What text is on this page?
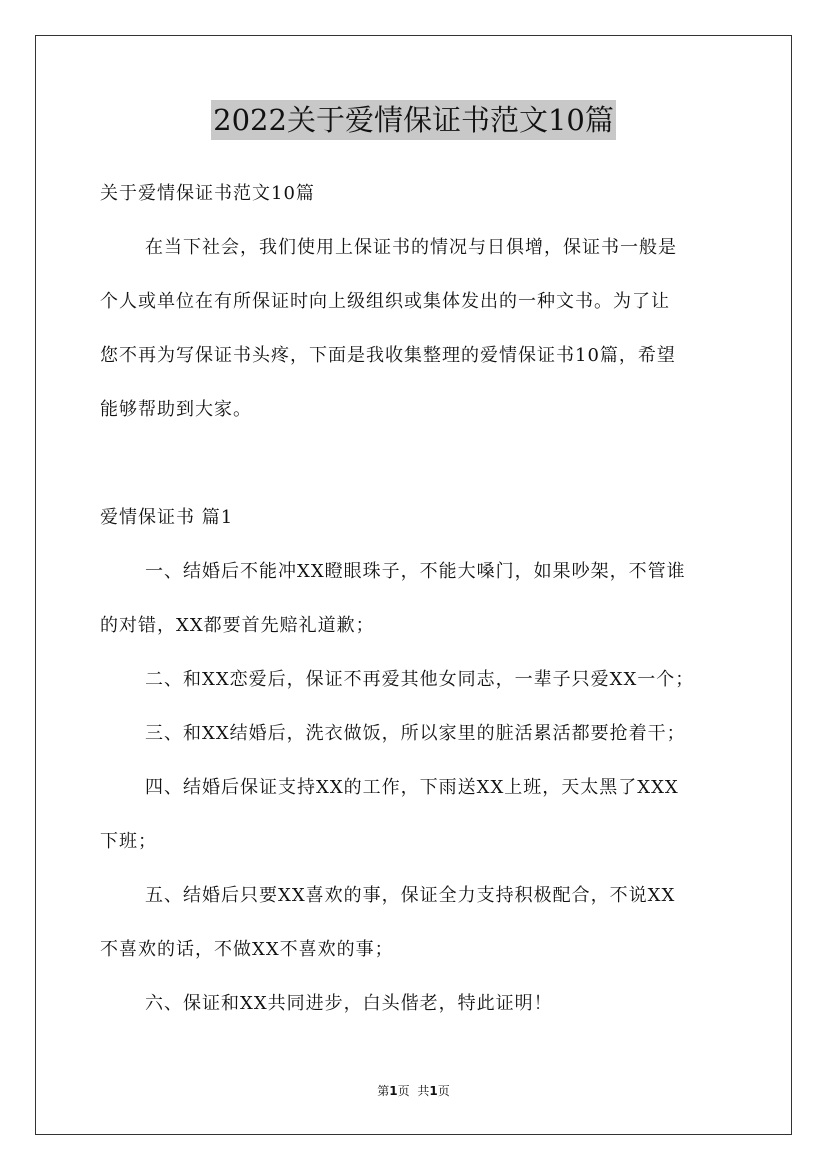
2022关于爱情保证书范文10篇
关于爱情保证书范文10篇
在当下社会，我们使用上保证书的情况与日俱增，保证书一般是
个人或单位在有所保证时向上级组织或集体发出的一种文书。为了让
您不再为写保证书头疼，下面是我收集整理的爱情保证书10篇，希望
能够帮助到大家。
爱情保证书 篇1
一、结婚后不能冲XX瞪眼珠子，不能大嗓门，如果吵架，不管谁
的对错，XX都要首先赔礼道歉；
二、和XX恋爱后，保证不再爱其他女同志，一辈子只爱XX一个；
三、和XX结婚后，洗衣做饭，所以家里的脏活累活都要抢着干；
四、结婚后保证支持XX的工作，下雨送XX上班，天太黑了XXX
下班；
五、结婚后只要XX喜欢的事，保证全力支持积极配合，不说XX
不喜欢的话，不做XX不喜欢的事；
六、保证和XX共同进步，白头偕老，特此证明！
第1页 共1页
